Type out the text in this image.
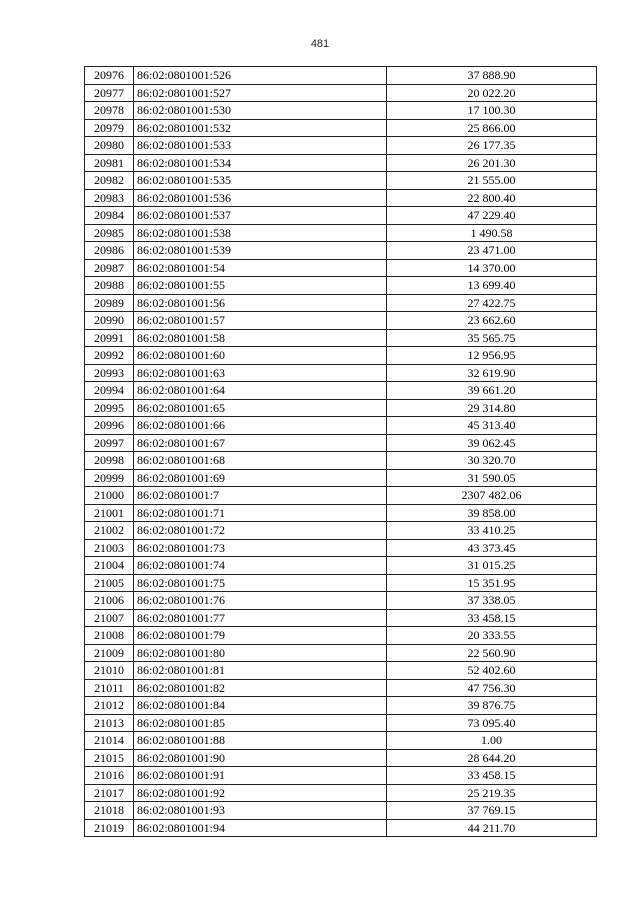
481
20976	86:02:0801001:526	37 888.90
20977	86:02:0801001:527	20 022.20
20978	86:02:0801001:530	17 100.30
20979	86:02:0801001:532	25 866.00
20980	86:02:0801001:533	26 177.35
20981	86:02:0801001:534	26 201.30
20982	86:02:0801001:535	21 555.00
20983	86:02:0801001:536	22 800.40
20984	86:02:0801001:537	47 229.40
20985	86:02:0801001:538	1 490.58
20986	86:02:0801001:539	23 471.00
20987	86:02:0801001:54	14 370.00
20988	86:02:0801001:55	13 699.40
20989	86:02:0801001:56	27 422.75
20990	86:02:0801001:57	23 662.60
20991	86:02:0801001:58	35 565.75
20992	86:02:0801001:60	12 956.95
20993	86:02:0801001:63	32 619.90
20994	86:02:0801001:64	39 661.20
20995	86:02:0801001:65	29 314.80
20996	86:02:0801001:66	45 313.40
20997	86:02:0801001:67	39 062.45
20998	86:02:0801001:68	30 320.70
20999	86:02:0801001:69	31 590.05
21000	86:02:0801001:7	2307 482.06
21001	86:02:0801001:71	39 858.00
21002	86:02:0801001:72	33 410.25
21003	86:02:0801001:73	43 373.45
21004	86:02:0801001:74	31 015.25
21005	86:02:0801001:75	15 351.95
21006	86:02:0801001:76	37 338.05
21007	86:02:0801001:77	33 458.15
21008	86:02:0801001:79	20 333.55
21009	86:02:0801001:80	22 560.90
21010	86:02:0801001:81	52 402.60
21011	86:02:0801001:82	47 756.30
21012	86:02:0801001:84	39 876.75
21013	86:02:0801001:85	73 095.40
21014	86:02:0801001:88	1.00
21015	86:02:0801001:90	28 644.20
21016	86:02:0801001:91	33 458.15
21017	86:02:0801001:92	25 219.35
21018	86:02:0801001:93	37 769.15
21019	86:02:0801001:94	44 211.70
